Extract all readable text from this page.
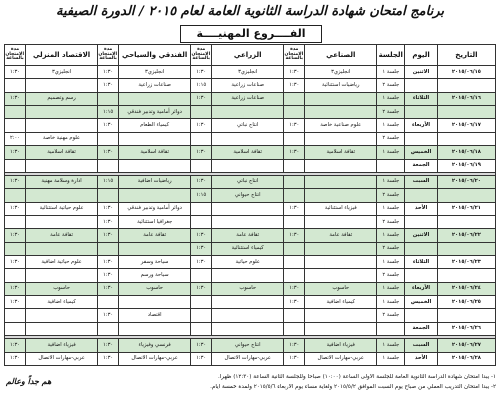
برنامج امتحان شهادة الدراسة الثانوية العامة لعام ٢٠١٥ / الدورة الصيفية
الفــــروع المهنيــــة
التاريخ	اليوم	الجلسة	الصناعي	مدة الامتحان بالساعة	الزراعي	مدة الامتحان بالساعة	الفندقي والسياحي	مدة الامتحان بالساعة	الاقتصاد المنزلي	مدة الامتحان بالساعة
٢٠١٥/٠٦/١٥	الاثنين	جلسة ١	انجليزي٣	١:٣٠	انجليزي٣	١:٣٠	انجليزي٣	١:٣٠	انجليزي٣	١:٣٠
		جلسة ٢	رياضيات استثنائية	١:٣٠	صناعات زراعية	١:١٥	صناعات زراعية	١:٣٠		
٢٠١٥/٠٦/١٦	الثلاثاء	جلسة ١			صناعات زراعية	١:٣٠			رسم وتصميم	١:٣٠
		جلسة ٢					دوائر أمامية وتدبير فندقي	١:١٥		
٢٠١٥/٠٦/١٧	الأربعاء	جلسة ١	علوم صناعية خاصة	١:٣٠	انتاج نباتي	١:٣٠	كيمياء الطعام	١:٣٠		
		جلسة ٢							علوم مهنية خاصة	٢:٠٠
٢٠١٥/٠٦/١٨	الخميس	جلسة ١	ثقافة اسلامية	١:٣٠	ثقافة اسلامية	١:٣٠	ثقافة اسلامية	١:٣٠	ثقافة اسلامية	١:٣٠
٢٠١٥/٠٦/١٩	الجمعة									

٢٠١٥/٠٦/٢٠	السبت	جلسة ١			انتاج نباتي	١:٣٠	رياضيات اضافية	١:١٥	ادارة وسلامة مهنية	١:٣٠
		جلسة ٢			انتاج حيواني	١:١٥				
٢٠١٥/٠٦/٢١	الأحد	جلسة ١	فيزياء استثنائية	١:٣٠			دوائر أمامية وتدبير فندقي	١:٣٠	علوم حياتية استثنائية	١:٣٠
		جلسة ٢					جغرافيا استثنائية	١:٣٠		
٢٠١٥/٠٦/٢٢	الاثنين	جلسة ١	ثقافة عامة	١:٣٠	ثقافة عامة	١:٣٠	ثقافة عامة	١:٣٠	ثقافة عامة	١:٣٠
		جلسة ٢			كيمياء استثنائية	١:٣٠				
٢٠١٥/٠٦/٢٣	الثلاثاء	جلسة ١			علوم حياتية	١:٣٠	سياحة وسفر	١:٣٠	علوم حياتية اضافية	١:٣٠
		جلسة ٢					سياحة ورسم	١:٣٠		
٢٠١٥/٠٦/٢٤	الأربعاء	جلسة ١	حاسوب	١:٣٠	حاسوب	١:٣٠	حاسوب	١:٣٠	حاسوب	١:٣٠
٢٠١٥/٠٦/٢٥	الخميس	جلسة ١	كيمياء اضافية	١:٣٠					كيمياء اضافية	١:٣٠
		جلسة ٢					اقتصاد	١:٣٠		
٢٠١٥/٠٦/٢٦	الجمعة									

٢٠١٥/٠٦/٢٧	السبت	جلسة ١	فيزياء اضافية	١:٣٠	انتاج حيواني	١:٣٠	فرنسي وفيزياء	١:٣٠	فيزياء اضافية	١:٣٠
٢٠١٥/٠٦/٢٨	الأحد	جلسة ١	عربي-مهارات الاتصال	١:٣٠	عربي-مهارات الاتصال	١:٣٠	عربي-مهارات الاتصال	١:٣٠	عربي-مهارات الاتصال	١:٣٠
١- يبدأ امتحان شهادة الدراسة الثانوية العامة للجلسة الأولى الساعة (١٠:٠٠) صباحاً وللجلسة الثانية الساعة (١٢:٣٠) ظهراً.
٢- يبدأ امتحان التدريب العملي من صباح يوم السبت الموافق ٢٠١٥/٥/٢ ولغاية مساء يوم الأربعاء ٢٠١٥/٥/٦ ولمدة خمسة أيام.
هم جداً وعالم
